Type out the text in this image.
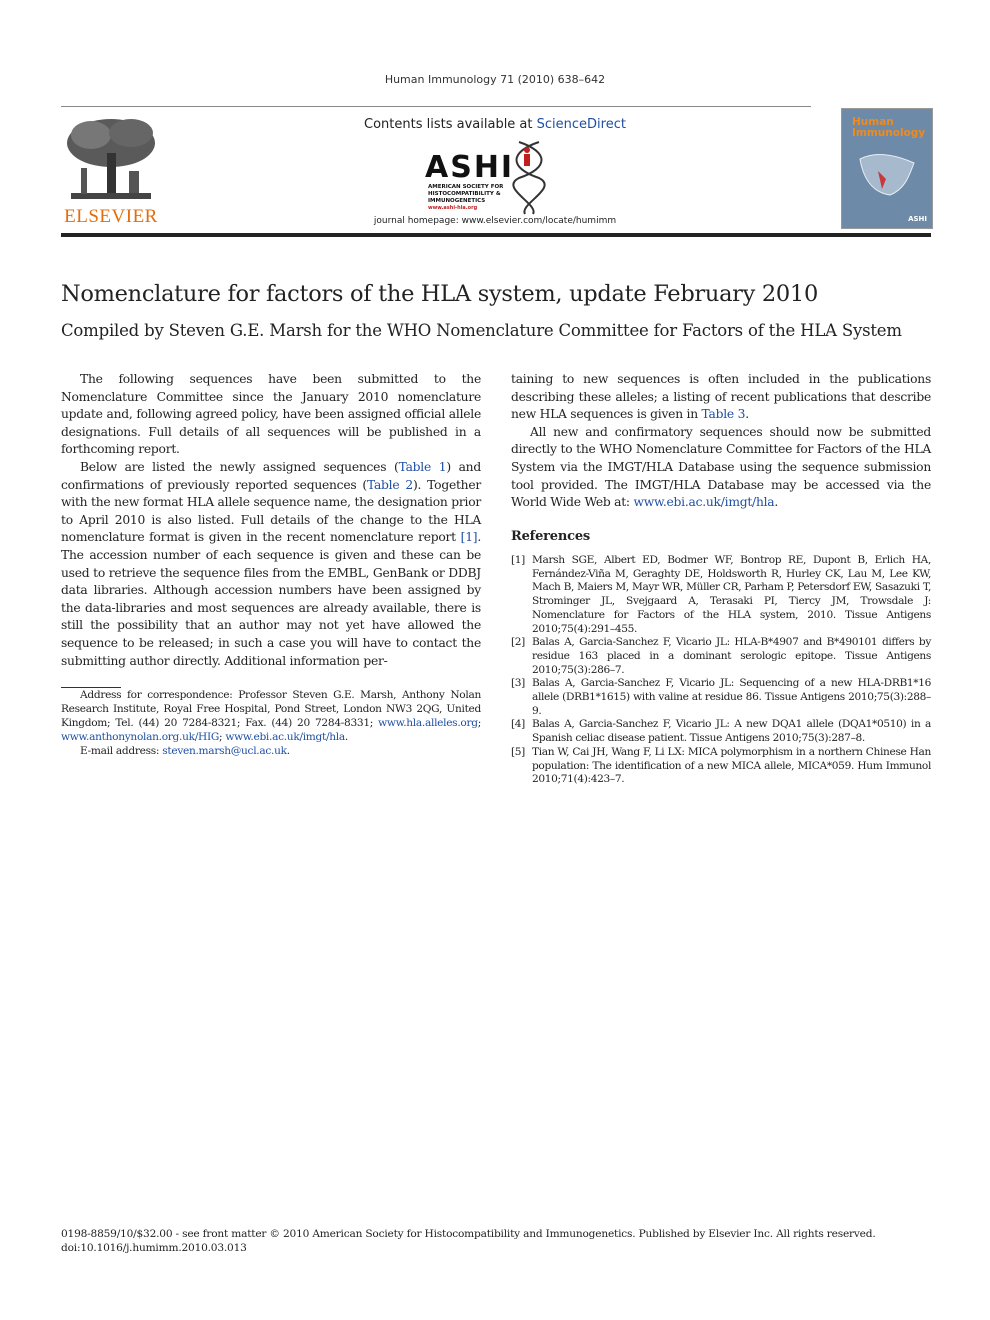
Human Immunology 71 (2010) 638–642
ELSEVIER
Contents lists available at ScienceDirect
ASHI
AMERICAN SOCIETY FOR
HISTOCOMPATIBILITY &
IMMUNOGENETICS
www.ashi-hla.org
journal homepage: www.elsevier.com/locate/humimm
Human
Immunology
ASHI
Nomenclature for factors of the HLA system, update February 2010
Compiled by Steven G.E. Marsh for the WHO Nomenclature Committee for Factors of the HLA System

The following sequences have been submitted to the Nomenclature Committee since the January 2010 nomenclature update and, following agreed policy, have been assigned official allele designations. Full details of all sequences will be published in a forthcoming report.

Below are listed the newly assigned sequences (Table 1) and confirmations of previously reported sequences (Table 2). Together with the new format HLA allele sequence name, the designation prior to April 2010 is also listed. Full details of the change to the HLA nomenclature format is given in the recent nomenclature report [1]. The accession number of each sequence is given and these can be used to retrieve the sequence files from the EMBL, GenBank or DDBJ data libraries. Although accession numbers have been assigned by the data-libraries and most sequences are already available, there is still the possibility that an author may not yet have allowed the sequence to be released; in such a case you will have to contact the submitting author directly. Additional information per-

taining to new sequences is often included in the publications describing these alleles; a listing of recent publications that describe new HLA sequences is given in Table 3.

All new and confirmatory sequences should now be submitted directly to the WHO Nomenclature Committee for Factors of the HLA System via the IMGT/HLA Database using the sequence submission tool provided. The IMGT/HLA Database may be accessed via the World Wide Web at: www.ebi.ac.uk/imgt/hla.

References
[1] Marsh SGE, Albert ED, Bodmer WF, Bontrop RE, Dupont B, Erlich HA, Fernández-Viña M, Geraghty DE, Holdsworth R, Hurley CK, Lau M, Lee KW, Mach B, Maiers M, Mayr WR, Müller CR, Parham P, Petersdorf EW, Sasazuki T, Strominger JL, Svejgaard A, Terasaki PI, Tiercy JM, Trowsdale J: Nomenclature for Factors of the HLA system, 2010. Tissue Antigens 2010;75(4):291–455.
[2] Balas A, Garcia-Sanchez F, Vicario JL: HLA-B*4907 and B*490101 differs by residue 163 placed in a dominant serologic epitope. Tissue Antigens 2010;75(3):286–7.
[3] Balas A, Garcia-Sanchez F, Vicario JL: Sequencing of a new HLA-DRB1*16 allele (DRB1*1615) with valine at residue 86. Tissue Antigens 2010;75(3):288–9.
[4] Balas A, Garcia-Sanchez F, Vicario JL: A new DQA1 allele (DQA1*0510) in a Spanish celiac disease patient. Tissue Antigens 2010;75(3):287–8.
[5] Tian W, Cai JH, Wang F, Li LX: MICA polymorphism in a northern Chinese Han population: The identification of a new MICA allele, MICA*059. Hum Immunol 2010;71(4):423–7.

Address for correspondence: Professor Steven G.E. Marsh, Anthony Nolan Research Institute, Royal Free Hospital, Pond Street, London NW3 2QG, United Kingdom; Tel. (44) 20 7284-8321; Fax. (44) 20 7284-8331; www.hla.alleles.org; www.anthonynolan.org.uk/HIG; www.ebi.ac.uk/imgt/hla.

E-mail address: steven.marsh@ucl.ac.uk.

0198-8859/10/$32.00 - see front matter © 2010 American Society for Histocompatibility and Immunogenetics. Published by Elsevier Inc. All rights reserved.
doi:10.1016/j.humimm.2010.03.013
